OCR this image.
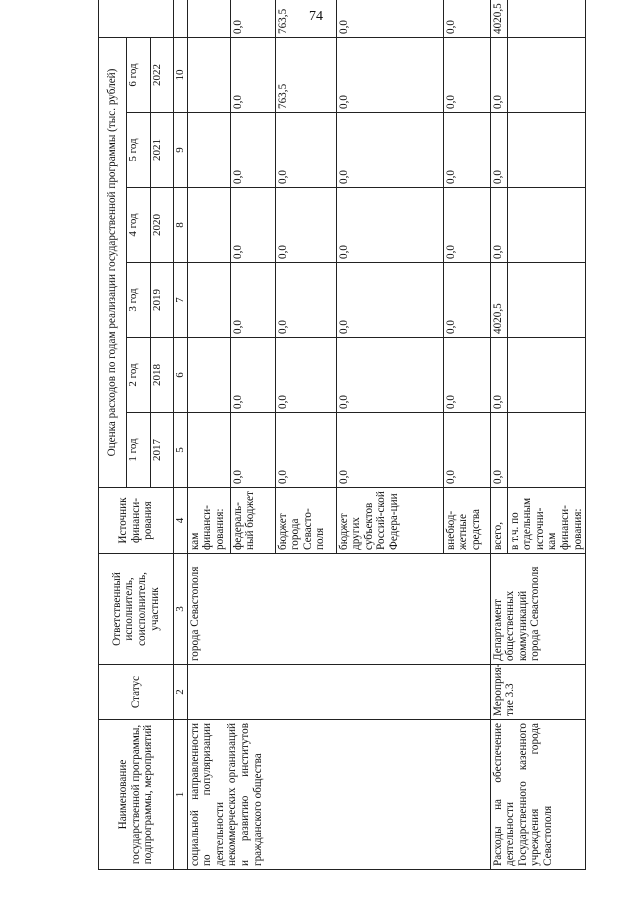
74
Наименование государственной программы, подпрограммы, мероприятий	Статус	Ответственный исполнитель, соисполнитель, участник	Источник финанси-рования	Оценка расходов по годам реализации государственной программы (тыс. рублей)	
				1 год	2 год	3 год	4 год	5 год	6 год	
				2017	2018	2019	2020	2021	2022	
1	2	3	4	5	6	7	8	9	10	
социальной направленности по популяризации деятельности некоммерческих организаций и развитию институтов гражданского общества		города Севастополя	кам финанси-рования:							
			федераль-ный бюджет	0,0	0,0	0,0	0,0	0,0	0,0	0,0
			бюджет города Севасто-поля	0,0	0,0	0,0	0,0	0,0	763,5	763,5
			бюджет других субъектов Россий-ской Федера-ции	0,0	0,0	0,0	0,0	0,0	0,0	0,0
			внебюд-жетные средства	0,0	0,0	0,0	0,0	0,0	0,0	0,0
Расходы на обеспечение деятельности Государственного казенного учреждения города Севастополя	Мероприя-тие 3.3	Департамент общественных коммуникаций города Севастополя	всего,	0,0	0,0	4020,5	0,0	0,0	0,0	4020,5
			в т.ч. по отдельным источни-кам финанси-рования:							
